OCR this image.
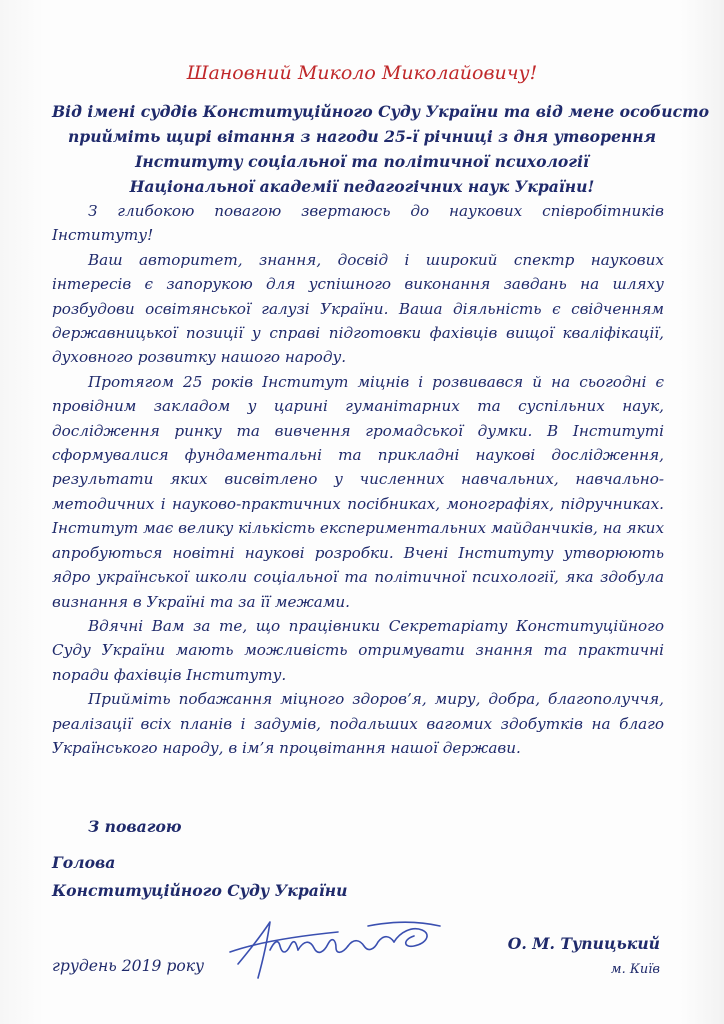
Шановний Миколо Миколайовичу!
Від імені суддів Конституційного Суду України та від мене особисто
прийміть щирі вітання з нагоди 25-ї річниці з дня утворення
Інституту соціальної та політичної психології
Національної академії педагогічних наук України!

З глибокою повагою звертаюсь до наукових співробітників Інституту!

Ваш авторитет, знання, досвід і широкий спектр наукових інтересів є запорукою для успішного виконання завдань на шляху розбудови освітянської галузі України. Ваша діяльність є свідченням державницької позиції у справі підготовки фахівців вищої кваліфікації, духовного розвитку нашого народу.

Протягом 25 років Інститут міцнів і розвивався й на сьогодні є провідним закладом у царині гуманітарних та суспільних наук, дослідження ринку та вивчення громадської думки. В Інституті сформувалися фундаментальні та прикладні наукові дослідження, результати яких висвітлено у численних навчальних, навчально-методичних і науково-практичних посібниках, монографіях, підручниках. Інститут має велику кількість експериментальних майданчиків, на яких апробуються новітні наукові розробки. Вчені Інституту утворюють ядро української школи соціальної та політичної психології, яка здобула визнання в Україні та за її межами.

Вдячні Вам за те, що працівники Секретаріату Конституційного Суду України мають можливість отримувати знання та практичні поради фахівців Інституту.

Прийміть побажання міцного здоров’я, миру, добра, благополуччя, реалізації всіх планів і задумів, подальших вагомих здобутків на благо Українського народу, в ім’я процвітання нашої держави.

З повагою
Голова
Конституційного Суду України
грудень 2019 року
О. М. Тупицький
м. Київ
